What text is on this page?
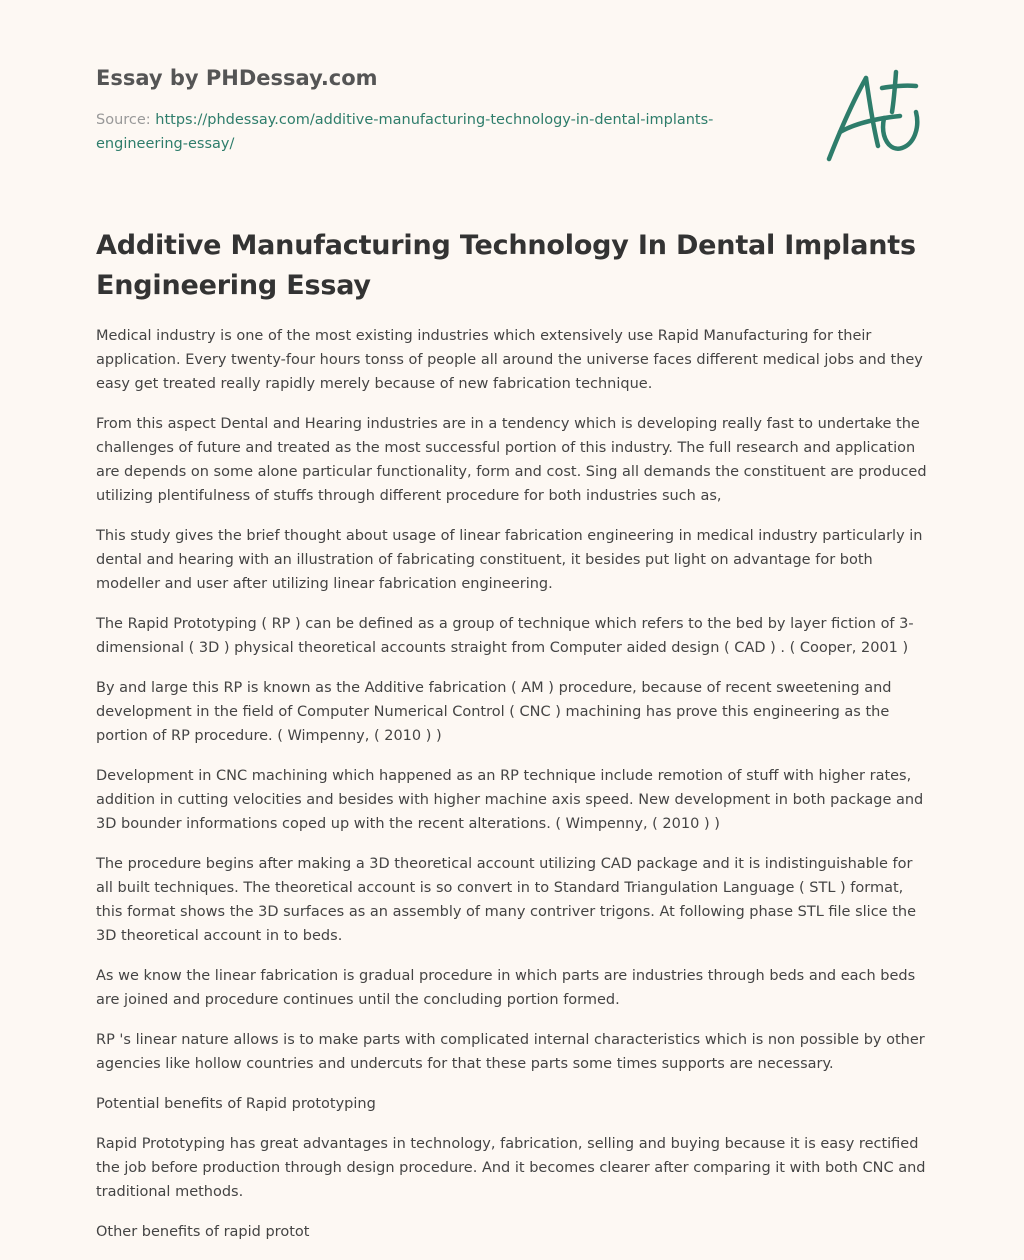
Essay by PHDessay.com
Source: https://phdessay.com/additive-manufacturing-technology-in-dental-implants-engineering-essay/
Additive Manufacturing Technology In Dental Implants Engineering Essay

Medical industry is one of the most existing industries which extensively use Rapid Manufacturing for their application. Every twenty-four hours tonss of people all around the universe faces different medical jobs and they easy get treated really rapidly merely because of new fabrication technique.

From this aspect Dental and Hearing industries are in a tendency which is developing really fast to undertake the challenges of future and treated as the most successful portion of this industry. The full research and application are depends on some alone particular functionality, form and cost. Sing all demands the constituent are produced utilizing plentifulness of stuffs through different procedure for both industries such as,

This study gives the brief thought about usage of linear fabrication engineering in medical industry particularly in dental and hearing with an illustration of fabricating constituent, it besides put light on advantage for both modeller and user after utilizing linear fabrication engineering.

The Rapid Prototyping ( RP ) can be defined as a group of technique which refers to the bed by layer fiction of 3-dimensional ( 3D ) physical theoretical accounts straight from Computer aided design ( CAD ) . ( Cooper, 2001 )

By and large this RP is known as the Additive fabrication ( AM ) procedure, because of recent sweetening and development in the field of Computer Numerical Control ( CNC ) machining has prove this engineering as the portion of RP procedure. ( Wimpenny, ( 2010 ) )

Development in CNC machining which happened as an RP technique include remotion of stuff with higher rates, addition in cutting velocities and besides with higher machine axis speed. New development in both package and 3D bounder informations coped up with the recent alterations. ( Wimpenny, ( 2010 ) )

The procedure begins after making a 3D theoretical account utilizing CAD package and it is indistinguishable for all built techniques. The theoretical account is so convert in to Standard Triangulation Language ( STL ) format, this format shows the 3D surfaces as an assembly of many contriver trigons. At following phase STL file slice the 3D theoretical account in to beds.

As we know the linear fabrication is gradual procedure in which parts are industries through beds and each beds are joined and procedure continues until the concluding portion formed.

RP 's linear nature allows is to make parts with complicated internal characteristics which is non possible by other agencies like hollow countries and undercuts for that these parts some times supports are necessary.

Potential benefits of Rapid prototyping

Rapid Prototyping has great advantages in technology, fabrication, selling and buying because it is easy rectified the job before production through design procedure. And it becomes clearer after comparing it with both CNC and traditional methods.

Other benefits of rapid protot
